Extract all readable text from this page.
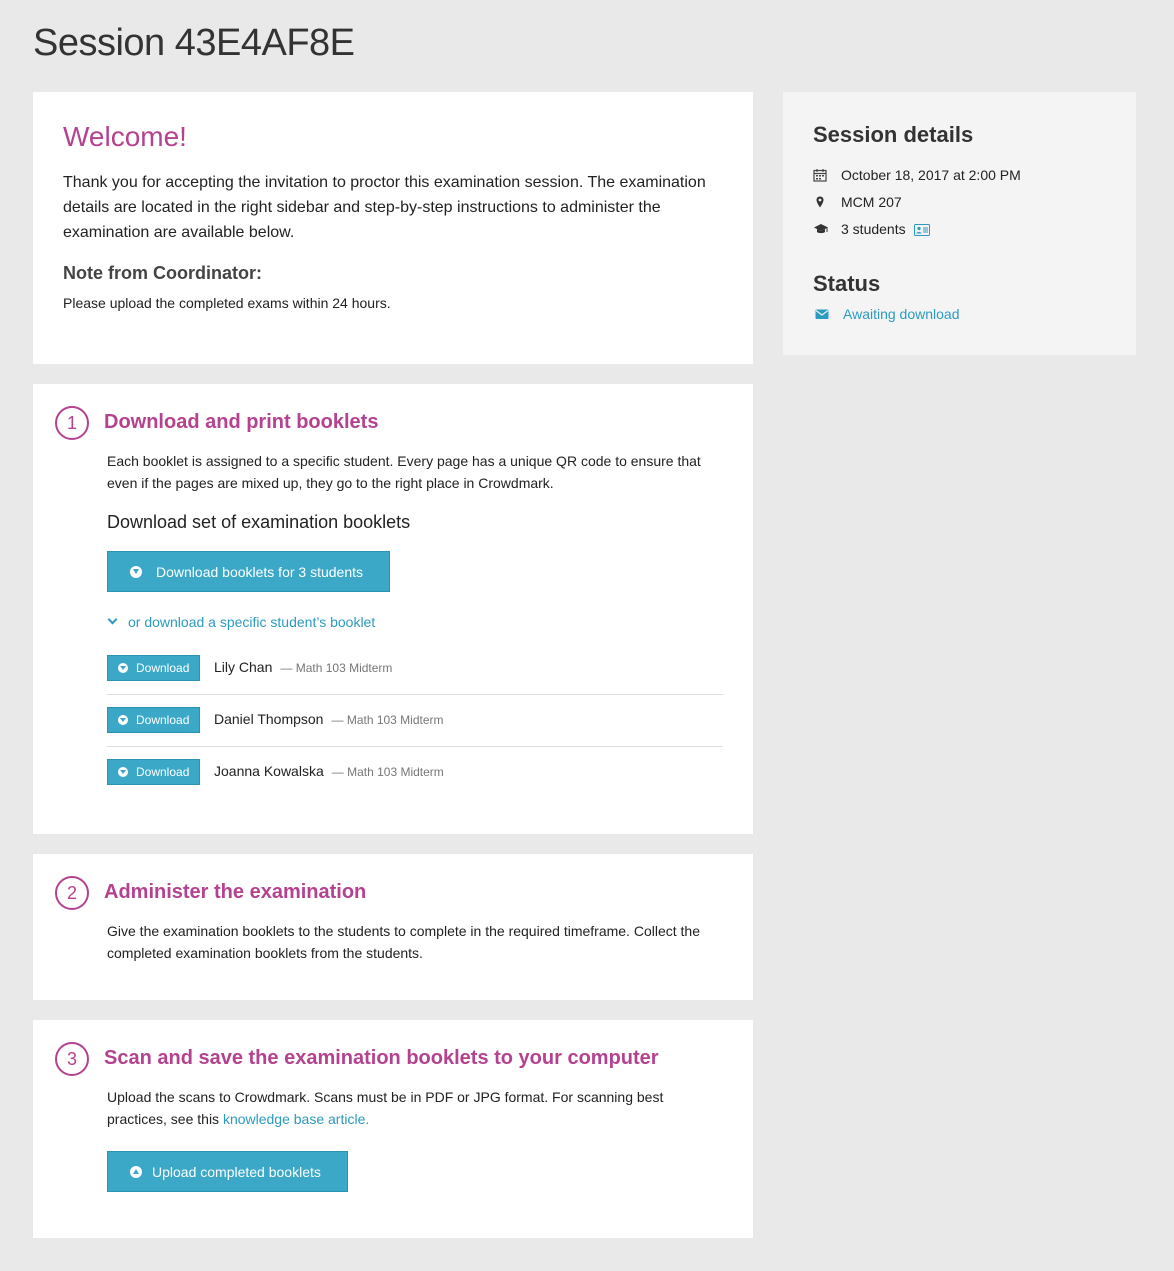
Session 43E4AF8E
Welcome!

Thank you for accepting the invitation to proctor this examination session. The examination details are located in the right sidebar and step-by-step instructions to administer the examination are available below.

Note from Coordinator:

Please upload the completed exams within 24 hours.

Session details
October 18, 2017 at 2:00 PM
MCM 207
3 students
Status
Awaiting download
1	Download and print booklets

Each booklet is assigned to a specific student. Every page has a unique QR code to ensure that even if the pages are mixed up, they go to the right place in Crowdmark.

Download set of examination booklets
Download booklets for 3 students
or download a specific student’s booklet
Download Lily Chan — Math 103 Midterm
Download Daniel Thompson — Math 103 Midterm
Download Joanna Kowalska — Math 103 Midterm
2	Administer the examination

Give the examination booklets to the students to complete in the required timeframe. Collect the completed examination booklets from the students.

3	Scan and save the examination booklets to your computer

Upload the scans to Crowdmark. Scans must be in PDF or JPG format. For scanning best practices, see this knowledge base article.

Upload completed booklets
